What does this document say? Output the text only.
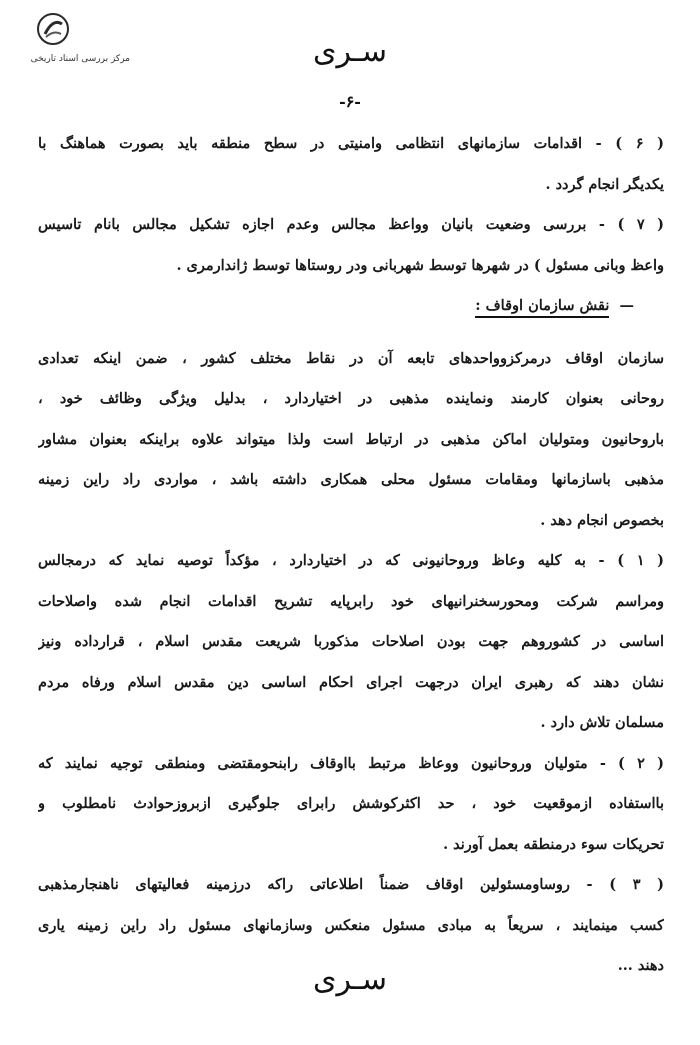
مرکز بررسی اسناد تاریخی	سـری
-۶-

( ۶ ) - اقدامات سازمانهای انتظامی وامنیتی در سطح منطقه باید بصورت هماهنگ با
یکدیگر انجام گردد .

( ۷ ) - بررسی وضعیت بانیان وواعظ مجالس وعدم اجازه تشکیل مجالس بانام تاسیس
واعظ وبانی مسئول ) در شهرها توسط شهربانی ودر روستاها توسط ژاندارمری .

—  نقش سازمان اوقاف :

سازمان اوقاف درمرکزوواحدهای تابعه آن در نقاط مختلف کشور ، ضمن اینکه تعدادی
روحانی بعنوان کارمند ونماینده مذهبی در اختیاردارد ، بدلیل ویژگی وظائف خود ،
باروحانیون ومتولیان اماکن مذهبی در ارتباط است ولذا میتواند علاوه براینکه بعنوان مشاور
مذهبی باسازمانها ومقامات مسئول محلی همکاری داشته باشد ، مواردی راد راین زمینه
بخصوص انجام دهد .

( ۱ ) - به کلیه وعاظ وروحانیونی که در اختیاردارد ، مؤکداً توصیه نماید که درمجالس
ومراسم شرکت ومحورسخنرانیهای خود رابرپایه تشریح اقدامات انجام شده واصلاحات
اساسی در کشوروهم جهت بودن اصلاحات مذکوربا شریعت مقدس اسلام ، قرارداده ونیز
نشان دهند که رهبری ایران درجهت اجرای احکام اساسی دین مقدس اسلام ورفاه مردم
مسلمان تلاش دارد .

( ۲ ) - متولیان وروحانیون ووعاظ مرتبط بااوقاف رابنحومقتضی ومنطقی توجیه نمایند که
بااستفاده ازموقعیت خود ، حد اکثرکوشش رابرای جلوگیری ازبروزحوادث نامطلوب و
تحریکات سوء درمنطقه بعمل آورند .

( ۳ ) - روساومسئولین اوقاف ضمناً اطلاعاتی راکه درزمینه فعالیتهای ناهنجارمذهبی
کسب مینمایند ، سریعاً به مبادی مسئول منعکس وسازمانهای مسئول راد راین زمینه یاری
دهند ...

سـری
